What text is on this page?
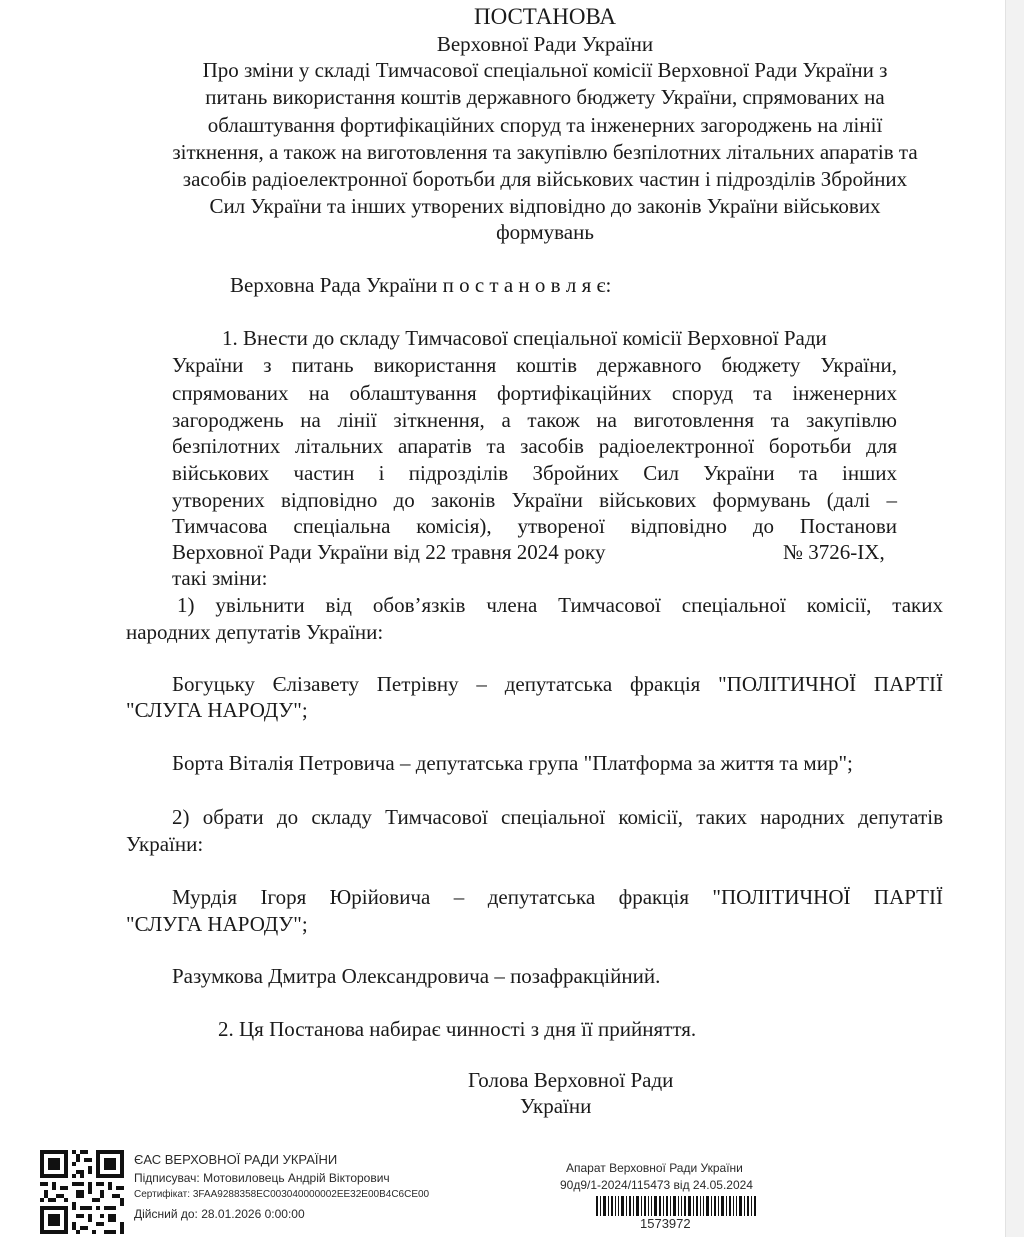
ПОСТАНОВА
Верховної Ради України
Про зміни у складі Тимчасової спеціальної комісії Верховної Ради України з
питань використання коштів державного бюджету України, спрямованих на
облаштування фортифікаційних споруд та інженерних загороджень на лінії
зіткнення, а також на виготовлення та закупівлю безпілотних літальних апаратів та
засобів радіоелектронної боротьби для військових частин і підрозділів Збройних
Сил України та інших утворених відповідно до законів України військових
формувань
Верховна Рада України п о с т а н о в л я є:
1. Внести до складу Тимчасової спеціальної комісії Верховної Ради
України з питань використання коштів державного бюджету України,
спрямованих на облаштування фортифікаційних споруд та інженерних
загороджень на лінії зіткнення, а також на виготовлення та закупівлю
безпілотних літальних апаратів та засобів радіоелектронної боротьби для
військових частин і підрозділів Збройних Сил України та інших
утворених відповідно до законів України військових формувань (далі –
Тимчасова спеціальна комісія), утвореної відповідно до Постанови
Верховної Ради України від 22 травня 2024 року	№ 3726-IX,
такі зміни:
1) увільнити від обов’язків члена Тимчасової спеціальної комісії, таких
народних депутатів України:
Богуцьку Єлізавету Петрівну – депутатська фракція "ПОЛІТИЧНОЇ ПАРТІЇ
"СЛУГА НАРОДУ";
Борта Віталія Петровича – депутатська група "Платформа за життя та мир";
2) обрати до складу Тимчасової спеціальної комісії, таких народних депутатів
України:
Мурдія Ігоря Юрійовича – депутатська фракція "ПОЛІТИЧНОЇ ПАРТІЇ
"СЛУГА НАРОДУ";
Разумкова Дмитра Олександровича – позафракційний.
2. Ця Постанова набирає чинності з дня її прийняття.
Голова Верховної Ради
України
ЄАС ВЕРХОВНОЇ РАДИ УКРАЇНИ
Підписувач: Мотовиловець Андрій Вікторович
Сертифікат: 3FAA9288358EC003040000002EE32E00B4C6CE00
Дійсний до: 28.01.2026 0:00:00
Апарат Верховної Ради України
90д9/1-2024/115473 від 24.05.2024
1573972
